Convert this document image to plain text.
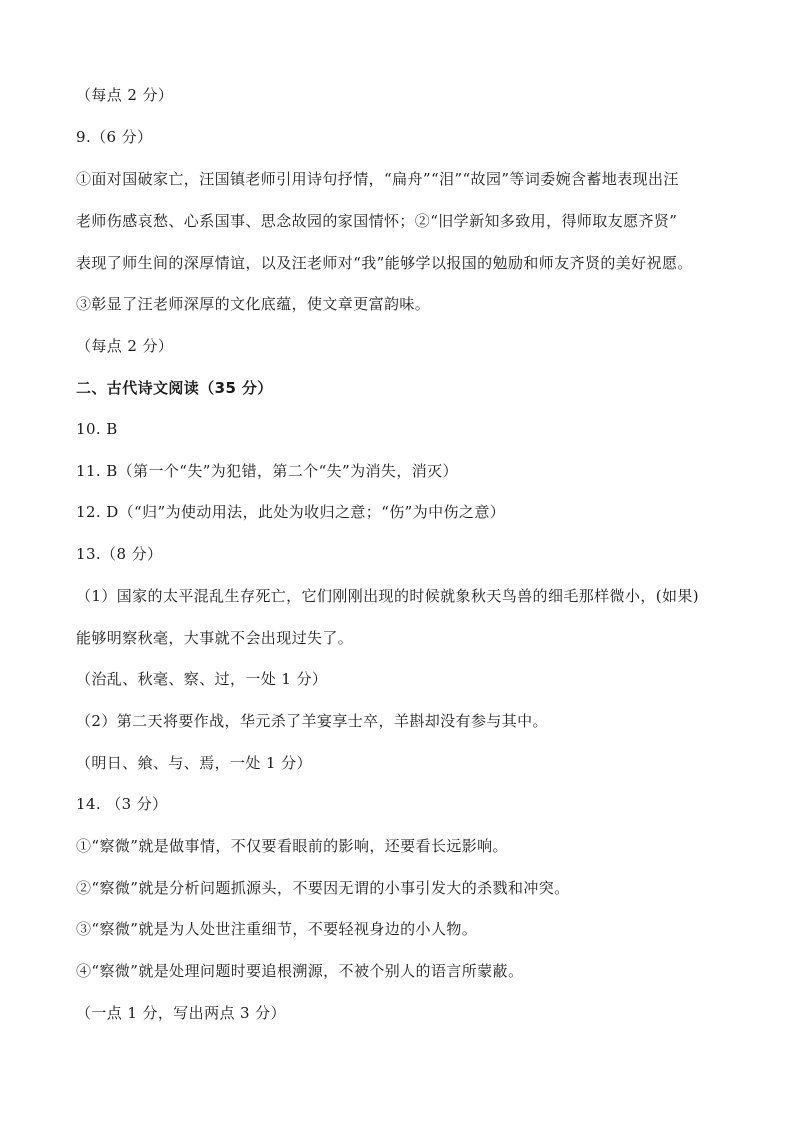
（每点 2 分）
9.（6 分）
①面对国破家亡，汪国镇老师引用诗句抒情，“扁舟”“泪”“故园”等词委婉含蓄地表现出汪
老师伤感哀愁、心系国事、思念故园的家国情怀；②“旧学新知多致用，得师取友愿齐贤”
表现了师生间的深厚情谊，以及汪老师对“我”能够学以报国的勉励和师友齐贤的美好祝愿。
③彰显了汪老师深厚的文化底蕴，使文章更富韵味。
（每点 2 分）
二、古代诗文阅读（35 分）
10. B
11. B（第一个“失”为犯错，第二个“失”为消失，消灭）
12. D（“归”为使动用法，此处为收归之意；“伤”为中伤之意）
13.（8 分）
（1）国家的太平混乱生存死亡，它们刚刚出现的时候就象秋天鸟兽的细毛那样微小，(如果)
能够明察秋毫，大事就不会出现过失了。
（治乱、秋毫、察、过，一处 1 分）
（2）第二天将要作战，华元杀了羊宴享士卒，羊斟却没有参与其中。
（明日、飨、与、焉，一处 1 分）
14. （3 分）
①“察微”就是做事情，不仅要看眼前的影响，还要看长远影响。
②“察微”就是分析问题抓源头，不要因无谓的小事引发大的杀戮和冲突。
③“察微”就是为人处世注重细节，不要轻视身边的小人物。
④“察微”就是处理问题时要追根溯源，不被个别人的语言所蒙蔽。
（一点 1 分，写出两点 3 分）
